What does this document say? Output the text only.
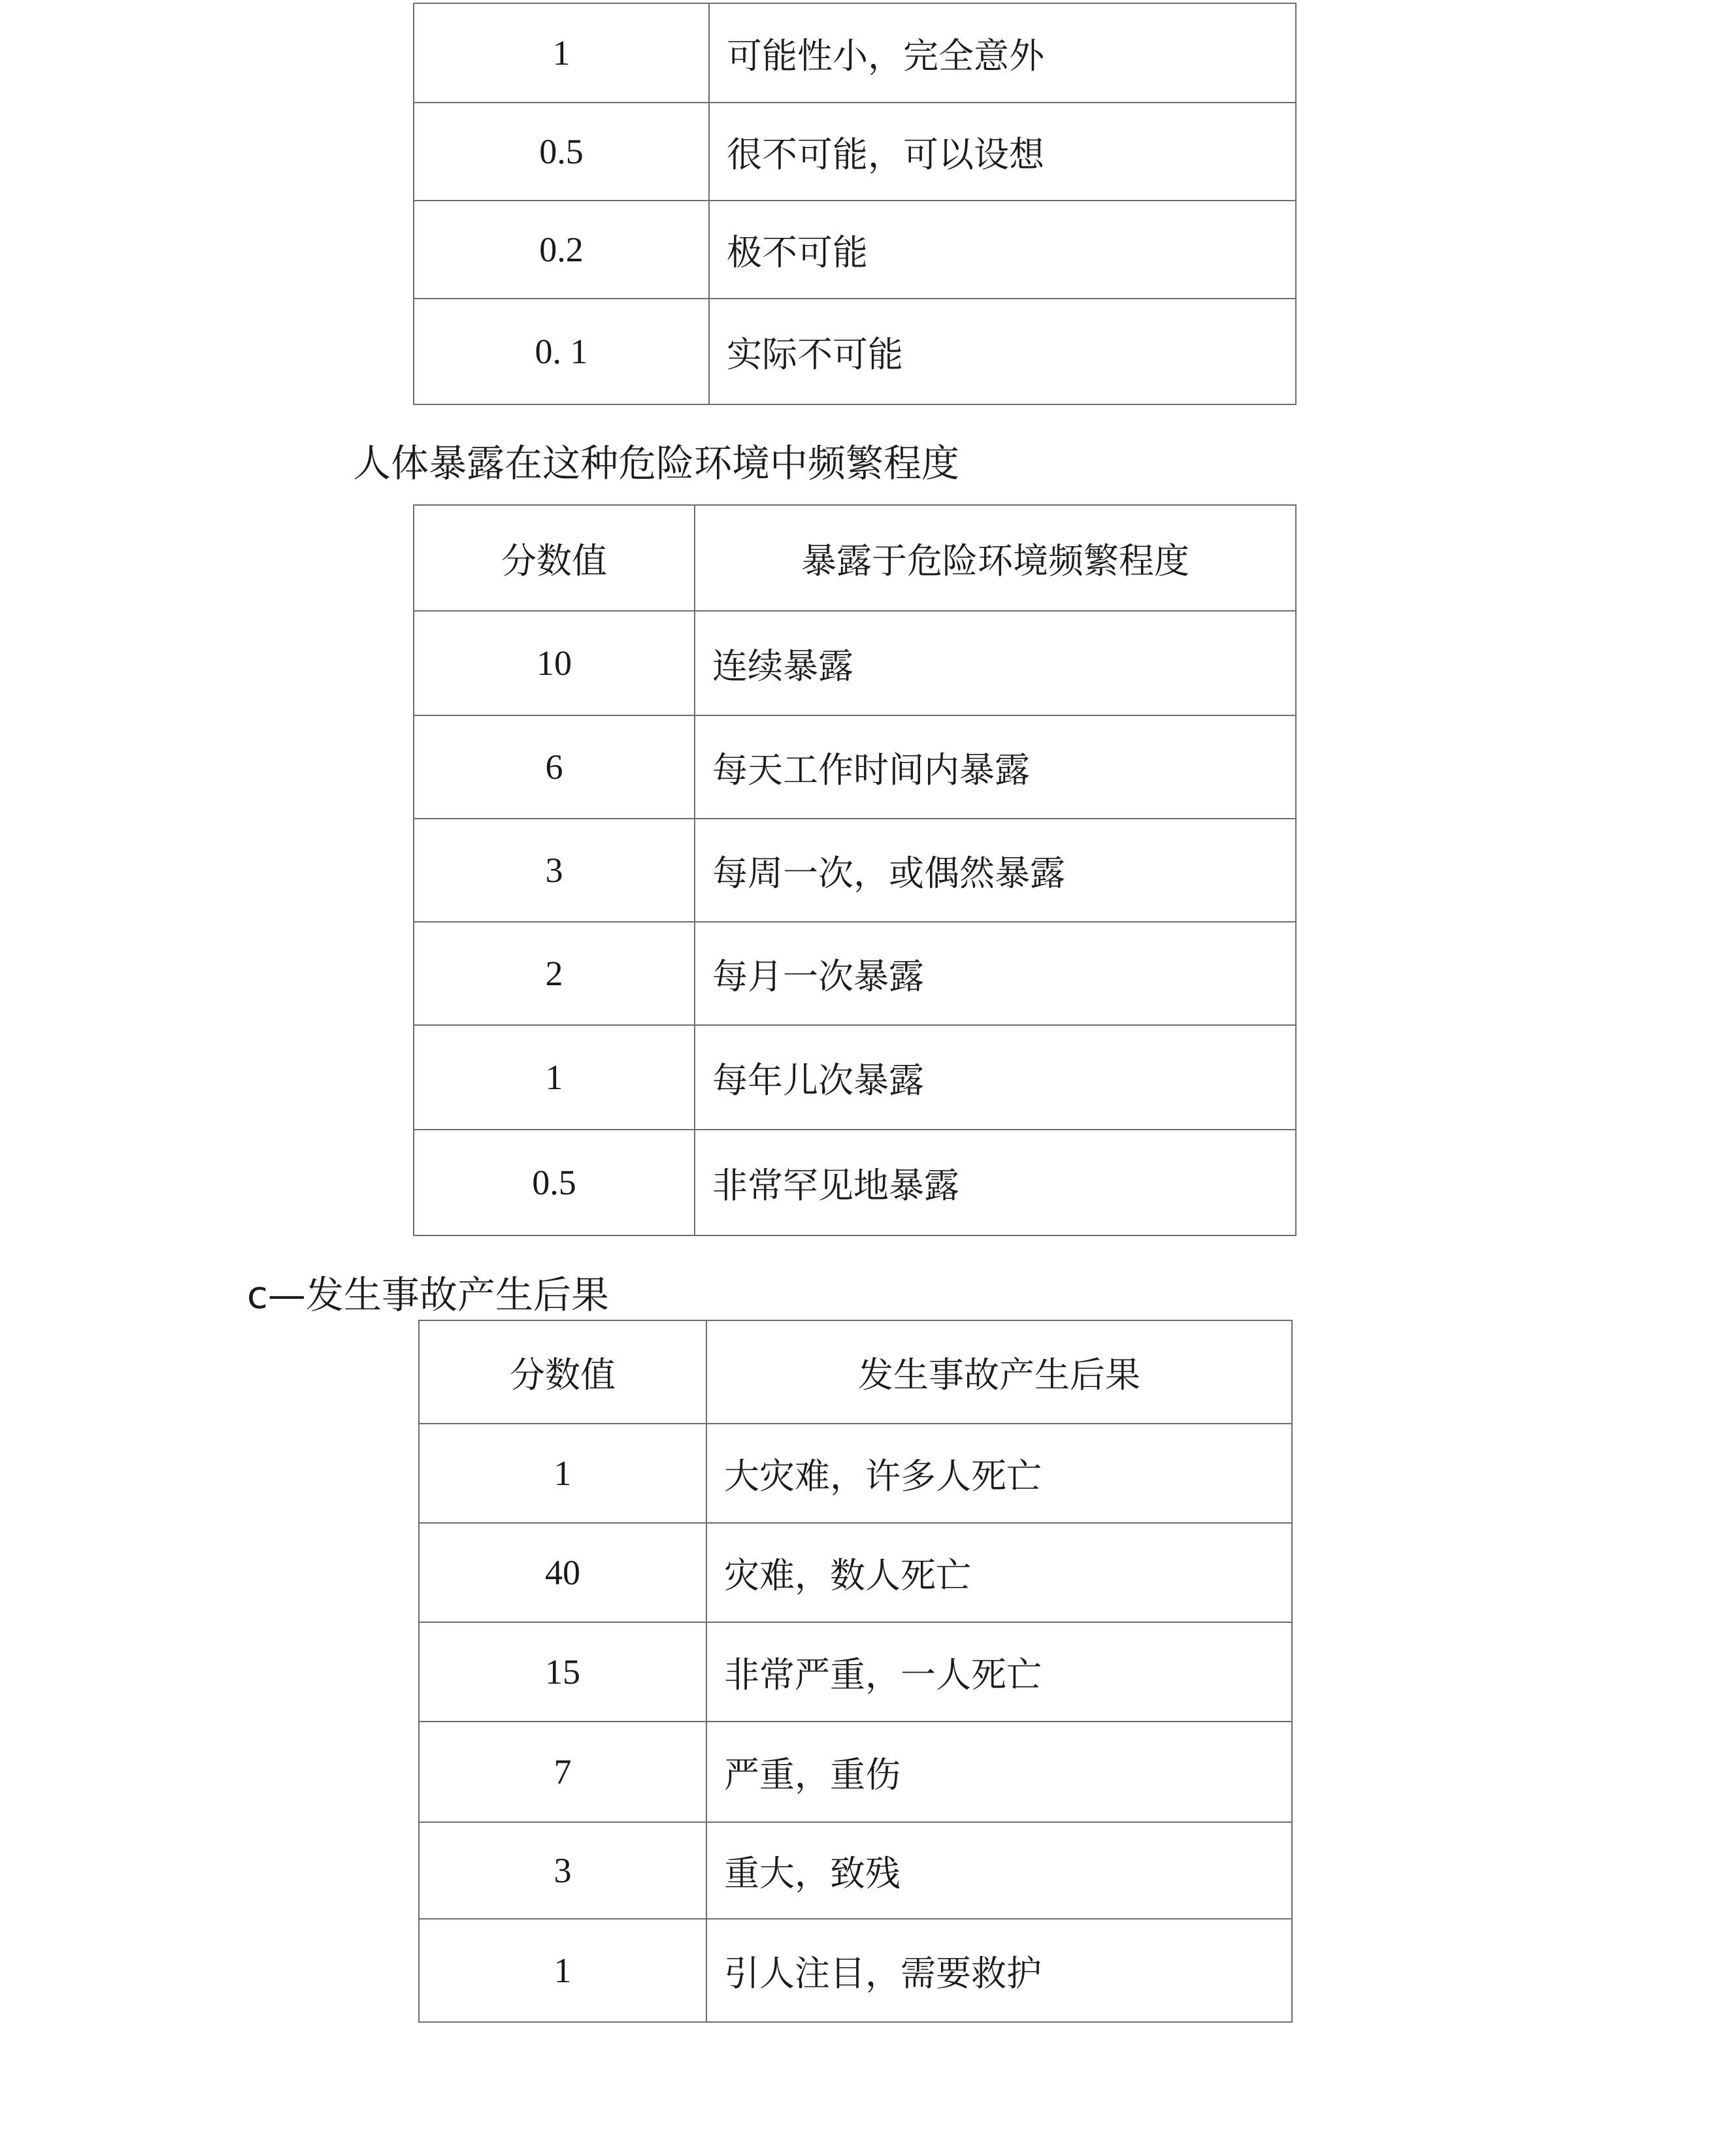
1	可能性小，完全意外
0.5	很不可能，可以设想
0.2	极不可能
0. 1	实际不可能
人体暴露在这种危险环境中频繁程度
分数值	暴露于危险环境频繁程度
10	连续暴露
6	每天工作时间内暴露
3	每周一次，或偶然暴露
2	每月一次暴露
1	每年儿次暴露
0.5	非常罕见地暴露
c—发生事故产生后果
分数值	发生事故产生后果
1	大灾难，许多人死亡
40	灾难，数人死亡
15	非常严重，一人死亡
7	严重，重伤
3	重大，致残
1	引人注目，需要救护
